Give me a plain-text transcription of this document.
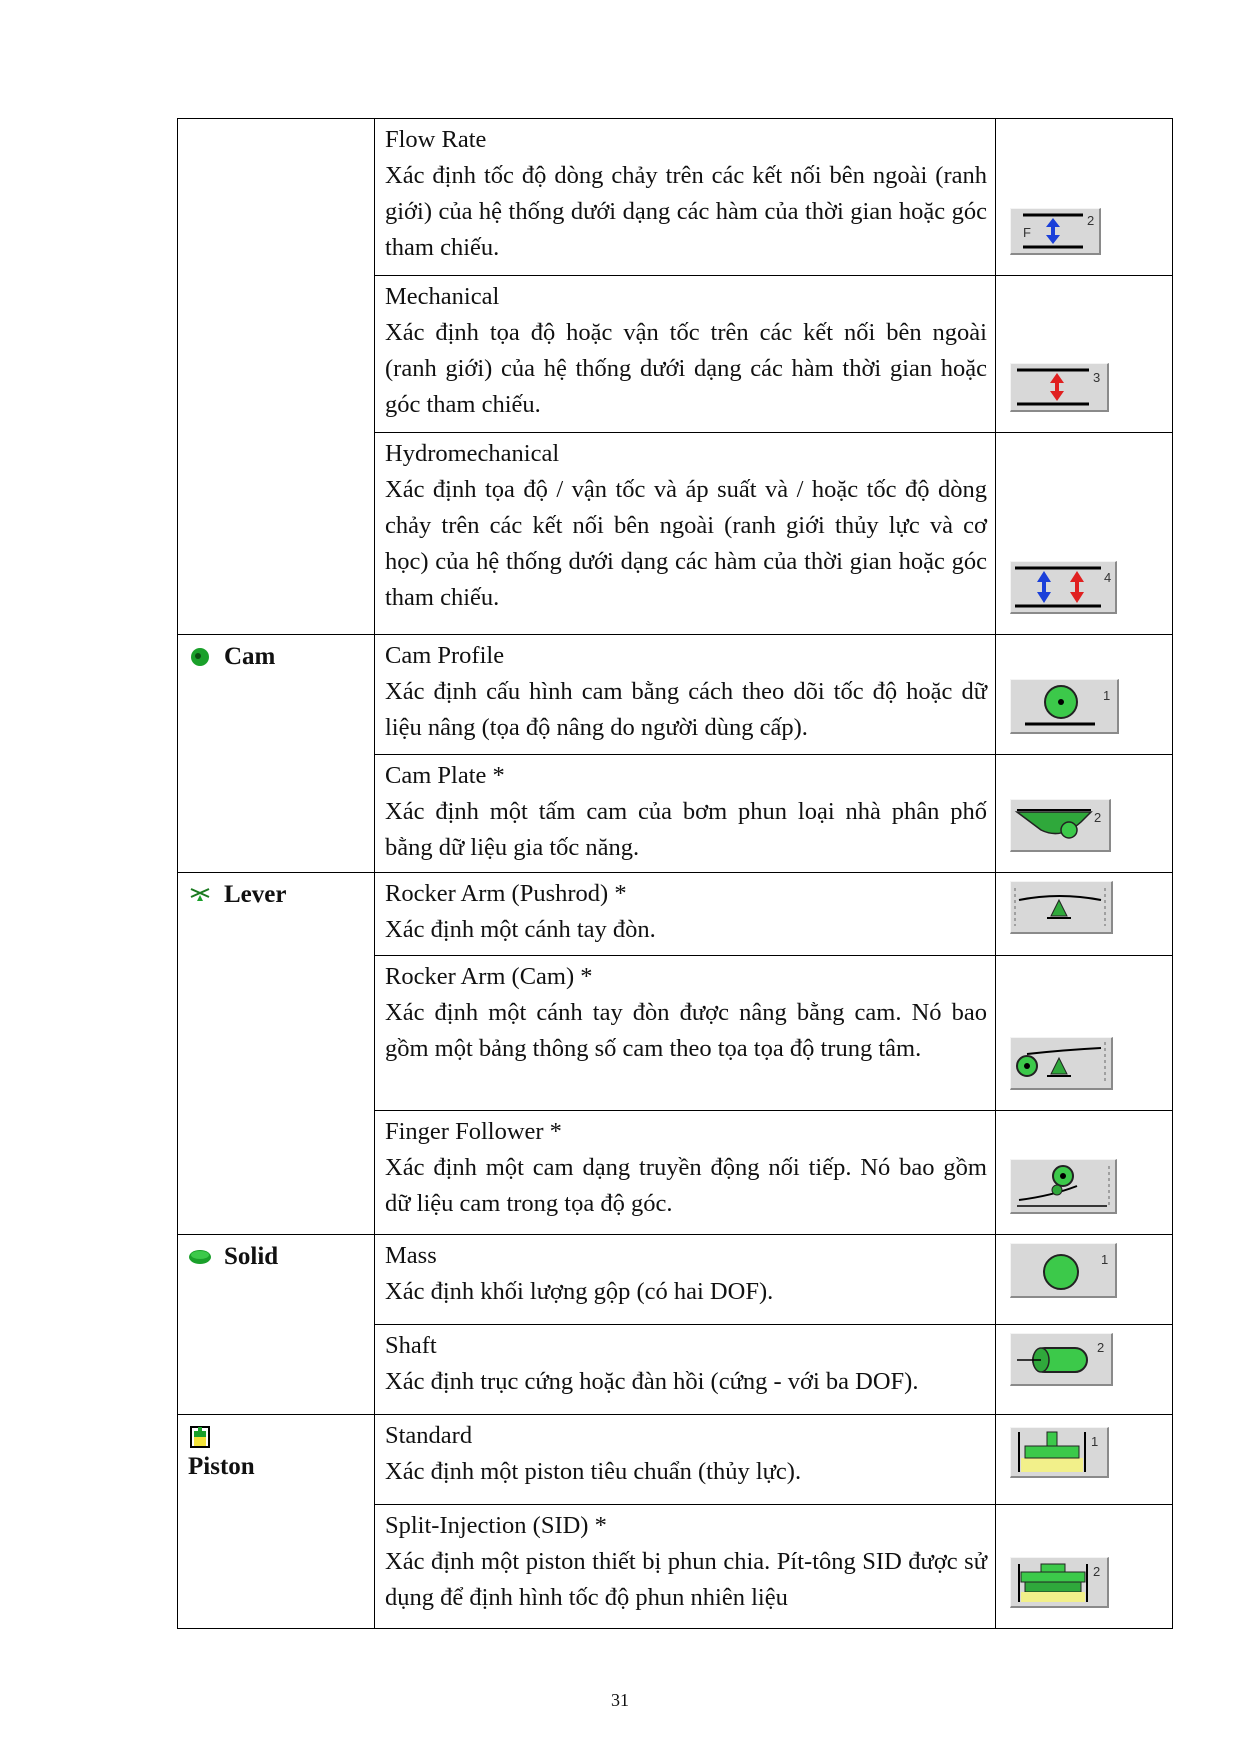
	Flow Rate
Xác định tốc độ dòng chảy trên các kết nối bên ngoài (ranh giới) của hệ thống dưới dạng các hàm của thời gian hoặc góc tham chiếu.	F
2

	Mechanical
Xác định tọa độ hoặc vận tốc trên các kết nối bên ngoài (ranh giới) của hệ thống dưới dạng các hàm thời gian hoặc góc tham chiếu.	3

	Hydromechanical
Xác định tọa độ / vận tốc và áp suất và / hoặc tốc độ dòng chảy trên các kết nối bên ngoài (ranh giới thủy lực và cơ học) của hệ thống dưới dạng các hàm của thời gian hoặc góc tham chiếu.	4

Cam	Cam Profile
Xác định cấu hình cam bằng cách theo dõi tốc độ hoặc dữ liệu nâng (tọa độ nâng do người dùng cấp).	1

	Cam Plate *
Xác định một tấm cam của bơm phun loại nhà phân phố bằng dữ liệu gia tốc năng.	2

Lever	Rocker Arm (Pushrod) *
Xác định một cánh tay đòn.

	Rocker Arm (Cam) *
Xác định một cánh tay đòn được nâng bằng cam. Nó bao gồm một bảng thông số cam theo tọa tọa độ trung tâm.

	Finger Follower *
Xác định một cam dạng truyền động nối tiếp. Nó bao gồm dữ liệu cam trong tọa độ góc.

Solid	Mass
Xác định khối lượng gộp (có hai DOF).	1

	Shaft
Xác định trục cứng hoặc đàn hồi (cứng - với ba DOF).	2

Piston	Standard
Xác định một piston tiêu chuẩn (thủy lực).	1

	Split-Injection (SID) *
Xác định một piston thiết bị phun chia. Pít-tông SID được sử dụng để định hình tốc độ phun nhiên liệu	2
31
